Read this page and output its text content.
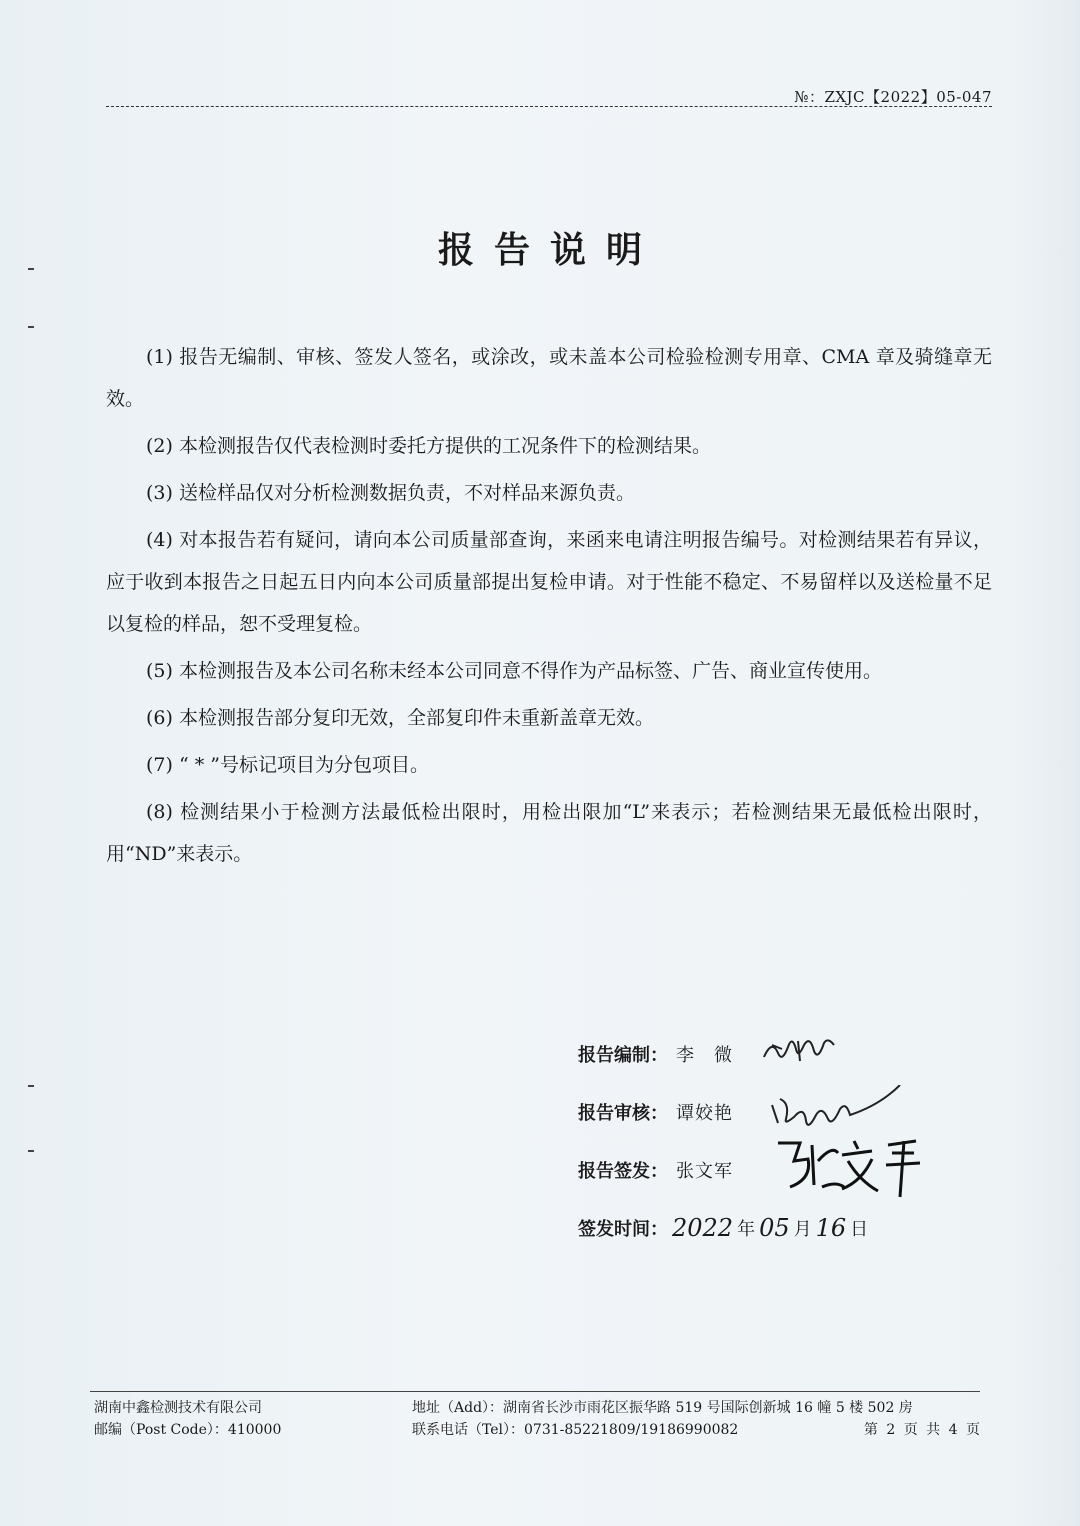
№：ZXJC【2022】05-047
报告说明

(1) 报告无编制、审核、签发人签名，或涂改，或未盖本公司检验检测专用章、CMA 章及骑缝章无效。

(2) 本检测报告仅代表检测时委托方提供的工况条件下的检测结果。

(3) 送检样品仅对分析检测数据负责，不对样品来源负责。

(4) 对本报告若有疑问，请向本公司质量部查询，来函来电请注明报告编号。对检测结果若有异议，应于收到本报告之日起五日内向本公司质量部提出复检申请。对于性能不稳定、不易留样以及送检量不足以复检的样品，恕不受理复检。

(5) 本检测报告及本公司名称未经本公司同意不得作为产品标签、广告、商业宣传使用。

(6) 本检测报告部分复印无效，全部复印件未重新盖章无效。

(7) “ * ”号标记项目为分包项目。

(8) 检测结果小于检测方法最低检出限时，用检出限加“L”来表示；若检测结果无最低检出限时，用“ND”来表示。

报告编制： 李　微
报告审核： 谭姣艳
报告签发： 张文军
签发时间： 2022 年 05 月 16 日
湖南中鑫检测技术有限公司
邮编（Post Code）：410000
地址（Add）：湖南省长沙市雨花区振华路 519 号国际创新城 16 幢 5 楼 502 房
联系电话（Tel）：0731-85221809/19186990082	第 2 页 共 4 页
